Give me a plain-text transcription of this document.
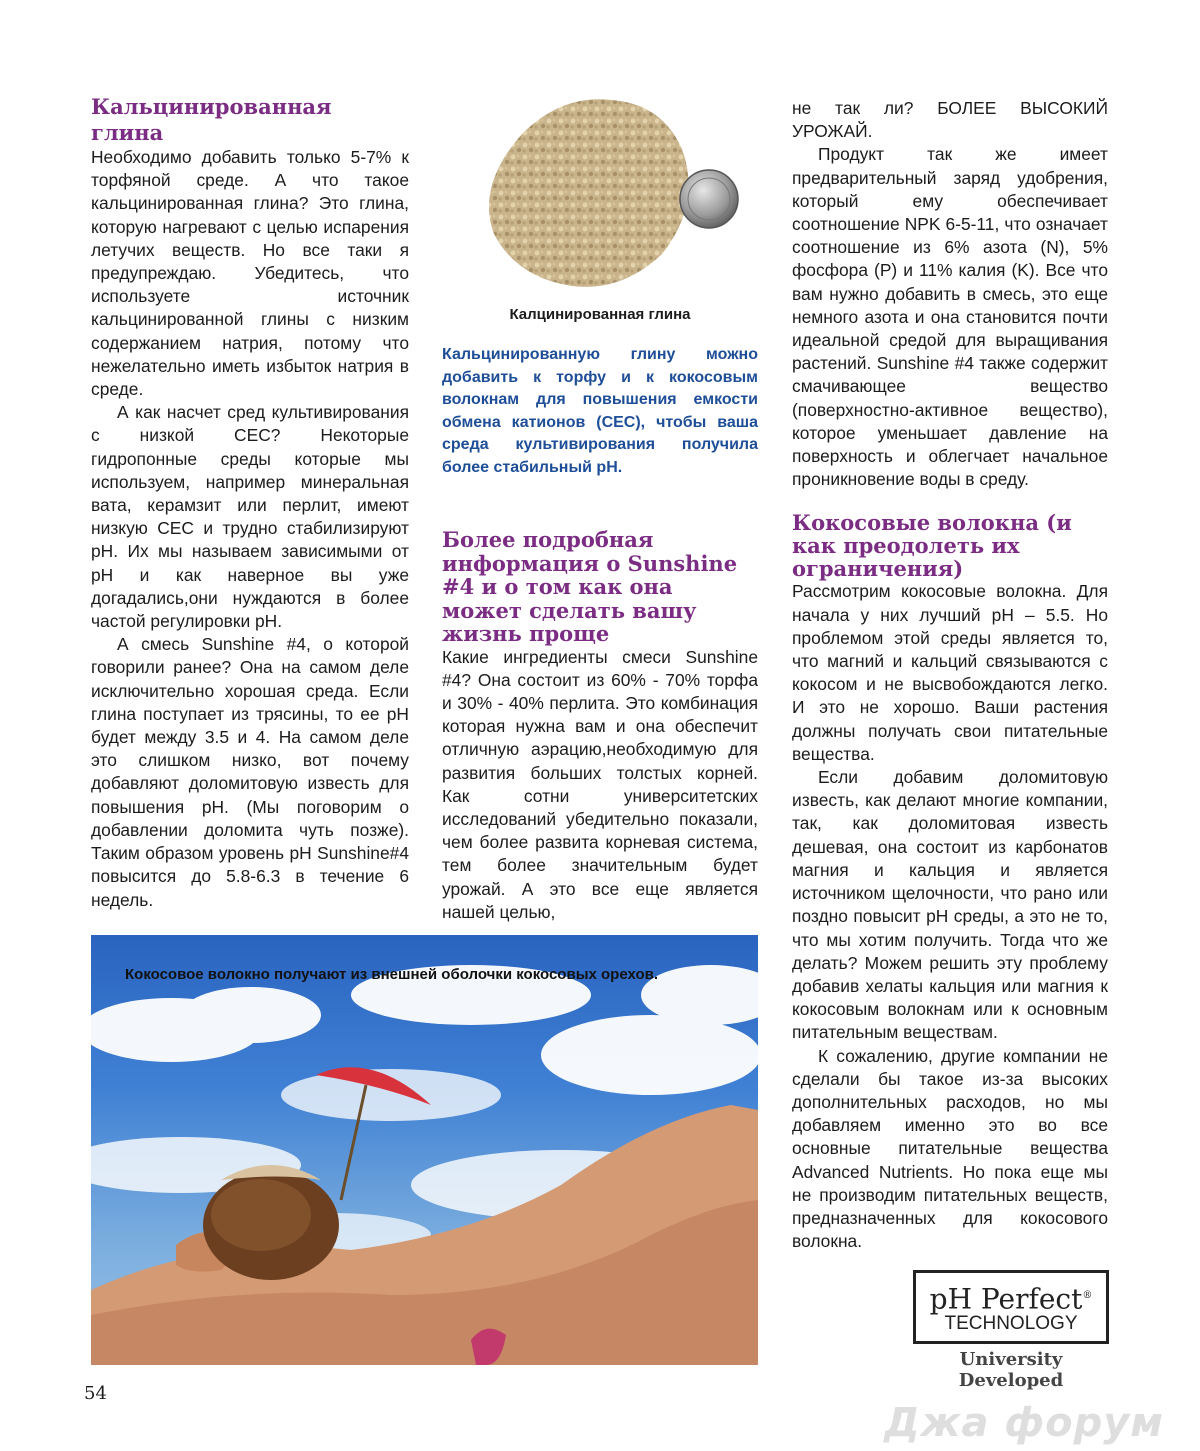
Кальцинированная глина

Необходимо добавить только 5-7% к торфяной среде. А что такое кальцинированная глина? Это глина, которую нагревают с целью испарения летучих веществ. Но все таки я предупреждаю. Убедитесь, что используете источник кальцинированной глины с низким содержанием натрия, потому что нежелательно иметь избыток натрия в среде.

А как насчет сред культивирования с низкой CEC? Некоторые гидропонные среды которые мы используем, например минеральная вата, керамзит или перлит, имеют низкую CEC и трудно стабилизируют pH. Их мы называем зависимыми от pH и как наверное вы уже догадались,они нуждаются в более частой регулировки pH.

А смесь Sunshine #4, о которой говорили ранее? Она на самом деле исключительно хорошая среда. Если глина поступает из трясины, то ее pH будет между 3.5 и 4. На самом деле это слишком низко, вот почему добавляют доломитовую известь для повышения pH. (Мы поговорим о добавлении доломита чуть позже). Таким образом уровень pH Sunshine#4 повысится до 5.8-6.3 в течение 6 недель.

Калцинированная глина

Кальцинированную глину можно добавить к торфу и к кокосовым волокнам для повышения емкости обмена катионов (CEC), чтобы ваша среда культивирования получила более стабильный pH.

Более подробная информация о Sunshine #4 и о том как она может сделать вашу жизнь проще

Какие ингредиенты смеси Sunshine #4? Она состоит из 60% - 70% торфа и 30% - 40% перлита. Это комбинация которая нужна вам и она обеспечит отличную аэрацию,необходимую для развития больших толстых корней. Как сотни университетских исследований убедительно показали, чем более развита корневая система, тем более значительным будет урожай. А это все еще является нашей целью,

не так ли? БОЛЕЕ ВЫСОКИЙ УРОЖАЙ.

Продукт так же имеет предварительный заряд удобрения, который ему обеспечивает соотношение NPK 6-5-11, что означает соотношение из 6% азота (N), 5% фосфора (P) и 11% калия (K). Все что вам нужно добавить в смесь, это еще немного азота и она становится почти идеальной средой для выращивания растений. Sunshine #4 также содержит смачивающее вещество (поверхностно-активное вещество), которое уменьшает давление на поверхность и облегчает начальное проникновение воды в среду.

Кокосовые волокна (и как преодолеть их ограничения)

Рассмотрим кокосовые волокна. Для начала у них лучший pH – 5.5. Но проблемом этой среды является то, что магний и кальций связываются с кокосом и не высвобождаются легко. И это не хорошо. Ваши растения должны получать свои питательные вещества.

Если добавим доломитовую известь, как делают многие компании, так, как доломитовая известь дешевая, она состоит из карбонатов магния и кальция и является источником щелочности, что рано или поздно повысит pH среды, а это не то, что мы хотим получить. Тогда что же делать? Можем решить эту проблему добавив хелаты кальция или магния к кокосовым волокнам или к основным питательным веществам.

К сожалению, другие компании не сделали бы такое из-за высоких дополнительных расходов, но мы добавляем именно это во все основные питательные вещества Advanced Nutrients. Но пока еще мы не производим питательных веществ, предназначенных для кокосового волокна.

Кокосовое волокно получают из внешней оболочки кокосовых орехов.
pH Perfect®
TECHNOLOGY
University Developed
54
Джа форум
